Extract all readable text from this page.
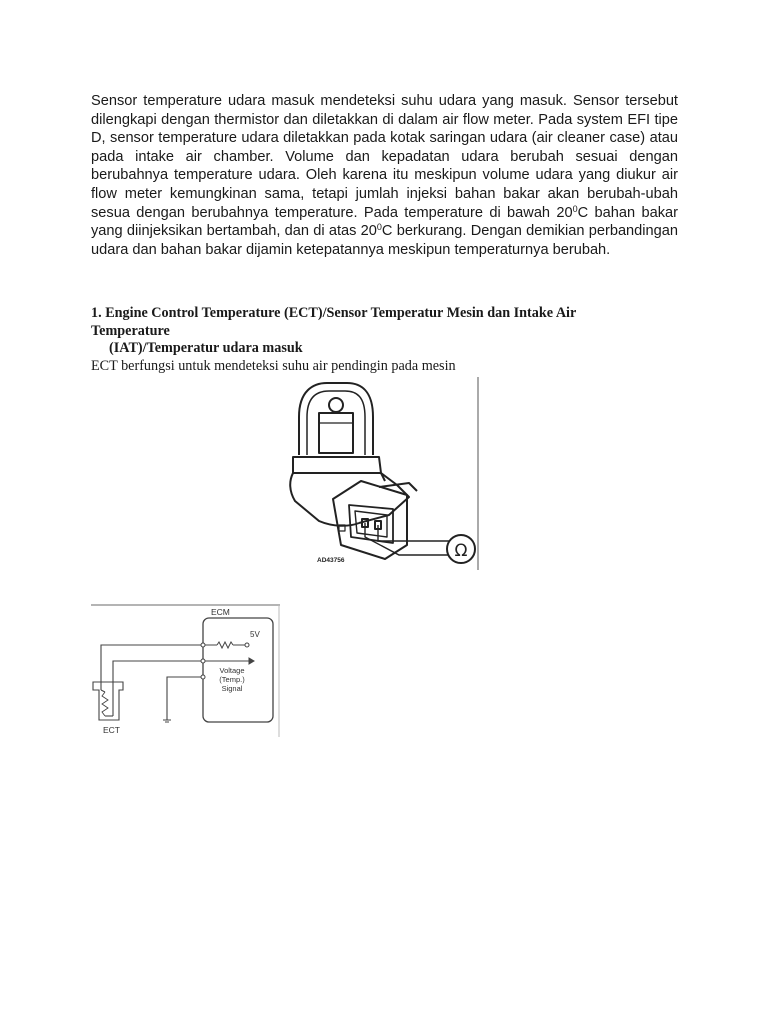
Sensor temperature udara masuk mendeteksi suhu udara yang masuk. Sensor tersebut dilengkapi dengan thermistor dan diletakkan di dalam air flow meter. Pada system EFI tipe D, sensor temperature udara diletakkan pada kotak saringan udara (air cleaner case) atau pada intake air chamber. Volume dan kepadatan udara berubah sesuai dengan berubahnya temperature udara. Oleh karena itu meskipun volume udara yang diukur air flow meter kemungkinan sama, tetapi jumlah injeksi bahan bakar akan berubah-ubah sesua dengan berubahnya temperature. Pada temperature di bawah $20^0C$ bahan bakar yang diinjeksikan bertambah, dan di atas $20^0C$ berkurang. Dengan demikian perbandingan udara dan bahan bakar dijamin ketepatannya meskipun temperaturnya berubah.

1. Engine Control Temperature (ECT)/Sensor Temperatur Mesin dan Intake Air Temperature
(IAT)/Temperatur udara masuk

ECT berfungsi untuk mendeteksi suhu air pendingin pada mesin

Ω
AD43756
ECM
5V
Voltage
(Temp.)
Signal
ECT
